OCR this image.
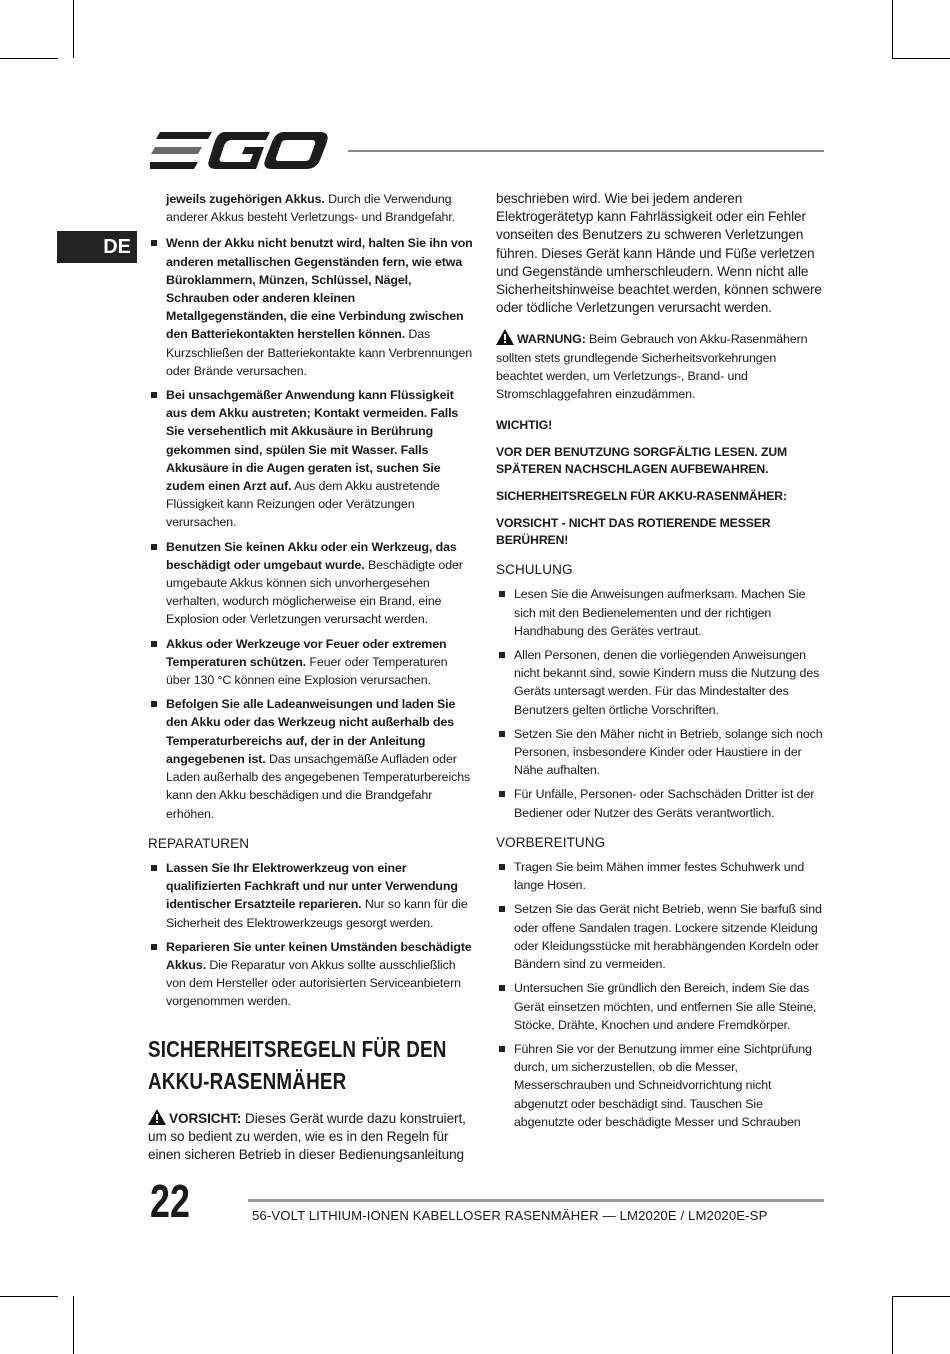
DE

jeweils zugehörigen Akkus. Durch die Verwendung anderer Akkus besteht Verletzungs- und Brandgefahr.

Wenn der Akku nicht benutzt wird, halten Sie ihn von anderen metallischen Gegenständen fern, wie etwa Büroklammern, Münzen, Schlüssel, Nägel, Schrauben oder anderen kleinen Metallgegenständen, die eine Verbindung zwischen den Batteriekontakten herstellen können. Das Kurzschließen der Batteriekontakte kann Verbrennungen oder Brände verursachen.
Bei unsachgemäßer Anwendung kann Flüssigkeit aus dem Akku austreten; Kontakt vermeiden. Falls Sie versehentlich mit Akkusäure in Berührung gekommen sind, spülen Sie mit Wasser. Falls Akkusäure in die Augen geraten ist, suchen Sie zudem einen Arzt auf. Aus dem Akku austretende Flüssigkeit kann Reizungen oder Verätzungen verursachen.
Benutzen Sie keinen Akku oder ein Werkzeug, das beschädigt oder umgebaut wurde. Beschädigte oder umgebaute Akkus können sich unvorhergesehen verhalten, wodurch möglicherweise ein Brand, eine Explosion oder Verletzungen verursacht werden.
Akkus oder Werkzeuge vor Feuer oder extremen Temperaturen schützen. Feuer oder Temperaturen über 130 °C können eine Explosion verursachen.
Befolgen Sie alle Ladeanweisungen und laden Sie den Akku oder das Werkzeug nicht außerhalb des Temperaturbereichs auf, der in der Anleitung angegebenen ist. Das unsachgemäße Aufladen oder Laden außerhalb des angegebenen Temperaturbereichs kann den Akku beschädigen und die Brandgefahr erhöhen.
REPARATUREN
Lassen Sie Ihr Elektrowerkzeug von einer qualifizierten Fachkraft und nur unter Verwendung identischer Ersatzteile reparieren. Nur so kann für die Sicherheit des Elektrowerkzeugs gesorgt werden.
Reparieren Sie unter keinen Umständen beschädigte Akkus. Die Reparatur von Akkus sollte ausschließlich von dem Hersteller oder autorisierten Serviceanbietern vorgenommen werden.
SICHERHEITSREGELN FÜR DEN
AKKU-RASENMÄHER

VORSICHT: Dieses Gerät wurde dazu konstruiert, um so bedient zu werden, wie es in den Regeln für einen sicheren Betrieb in dieser Bedienungsanleitung

beschrieben wird. Wie bei jedem anderen Elektrogerätetyp kann Fahrlässigkeit oder ein Fehler vonseiten des Benutzers zu schweren Verletzungen führen. Dieses Gerät kann Hände und Füße verletzen und Gegenstände umherschleudern. Wenn nicht alle Sicherheitshinweise beachtet werden, können schwere oder tödliche Verletzungen verursacht werden.

WARNUNG: Beim Gebrauch von Akku-Rasenmähern sollten stets grundlegende Sicherheitsvorkehrungen beachtet werden, um Verletzungs-, Brand- und Stromschlaggefahren einzudämmen.

WICHTIG!
VOR DER BENUTZUNG SORGFÄLTIG LESEN. ZUM SPÄTEREN NACHSCHLAGEN AUFBEWAHREN.
SICHERHEITSREGELN FÜR AKKU-RASENMÄHER:
VORSICHT - NICHT DAS ROTIERENDE MESSER BERÜHREN!
SCHULUNG
Lesen Sie die Anweisungen aufmerksam. Machen Sie sich mit den Bedienelementen und der richtigen Handhabung des Gerätes vertraut.
Allen Personen, denen die vorliegenden Anweisungen nicht bekannt sind, sowie Kindern muss die Nutzung des Geräts untersagt werden. Für das Mindestalter des Benutzers gelten örtliche Vorschriften.
Setzen Sie den Mäher nicht in Betrieb, solange sich noch Personen, insbesondere Kinder oder Haustiere in der Nähe aufhalten.
Für Unfälle, Personen- oder Sachschäden Dritter ist der Bediener oder Nutzer des Geräts verantwortlich.
VORBEREITUNG
Tragen Sie beim Mähen immer festes Schuhwerk und lange Hosen.
Setzen Sie das Gerät nicht Betrieb, wenn Sie barfuß sind oder offene Sandalen tragen. Lockere sitzende Kleidung oder Kleidungsstücke mit herabhängenden Kordeln oder Bändern sind zu vermeiden.
Untersuchen Sie gründlich den Bereich, indem Sie das Gerät einsetzen möchten, und entfernen Sie alle Steine, Stöcke, Drähte, Knochen und andere Fremdkörper.
Führen Sie vor der Benutzung immer eine Sichtprüfung durch, um sicherzustellen, ob die Messer, Messerschrauben und Schneidvorrichtung nicht abgenutzt oder beschädigt sind. Tauschen Sie abgenutzte oder beschädigte Messer und Schrauben
22	56-VOLT LITHIUM-IONEN KABELLOSER RASENMÄHER — LM2020E / LM2020E-SP
